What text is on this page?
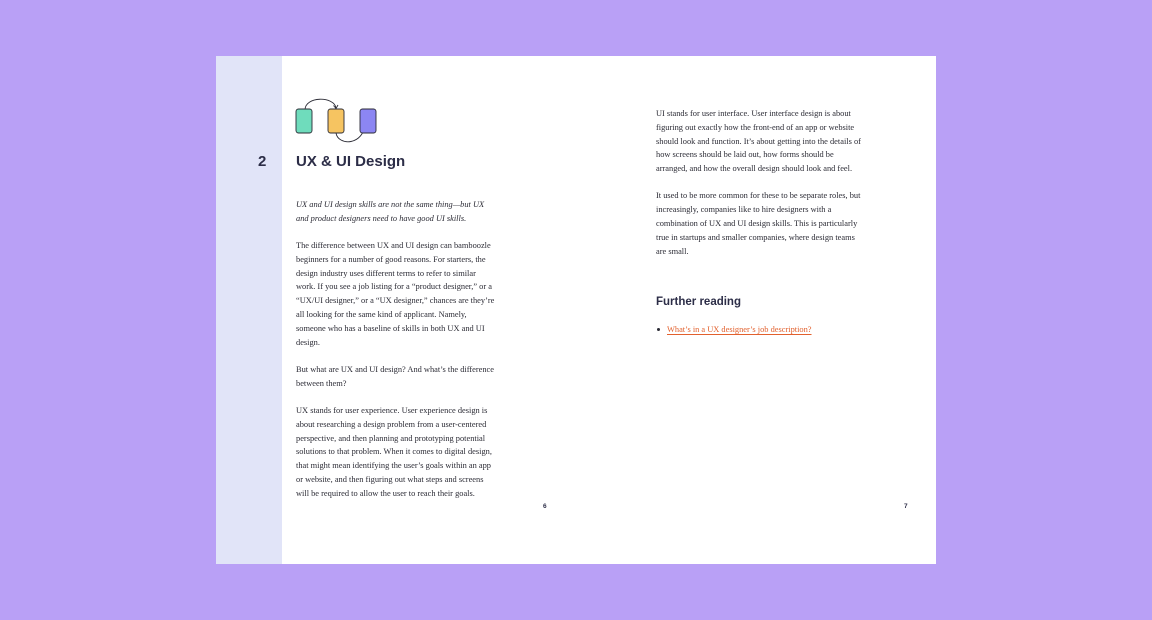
2 UX & UI Design

UX and UI design skills are not the same thing—but UX and product designers need to have good UI skills.

The difference between UX and UI design can bamboozle beginners for a number of good reasons. For starters, the design industry uses different terms to refer to similar work. If you see a job listing for a “product designer,” or a “UX/UI designer,” or a “UX designer,” chances are they’re all looking for the same kind of applicant. Namely, someone who has a baseline of skills in both UX and UI design.

But what are UX and UI design? And what’s the difference between them?

UX stands for user experience. User experience design is about researching a design problem from a user-centered perspective, and then planning and prototyping potential solutions to that problem. When it comes to digital design, that might mean identifying the user’s goals within an app or website, and then figuring out what steps and screens will be required to allow the user to reach their goals.

UI stands for user interface. User interface design is about figuring out exactly how the front-end of an app or website should look and function. It’s about getting into the details of how screens should be laid out, how forms should be arranged, and how the overall design should look and feel.

It used to be more common for these to be separate roles, but increasingly, companies like to hire designers with a combination of UX and UI design skills. This is particularly true in startups and smaller companies, where design teams are small.

Further reading
What’s in a UX designer’s job description?
6	7
